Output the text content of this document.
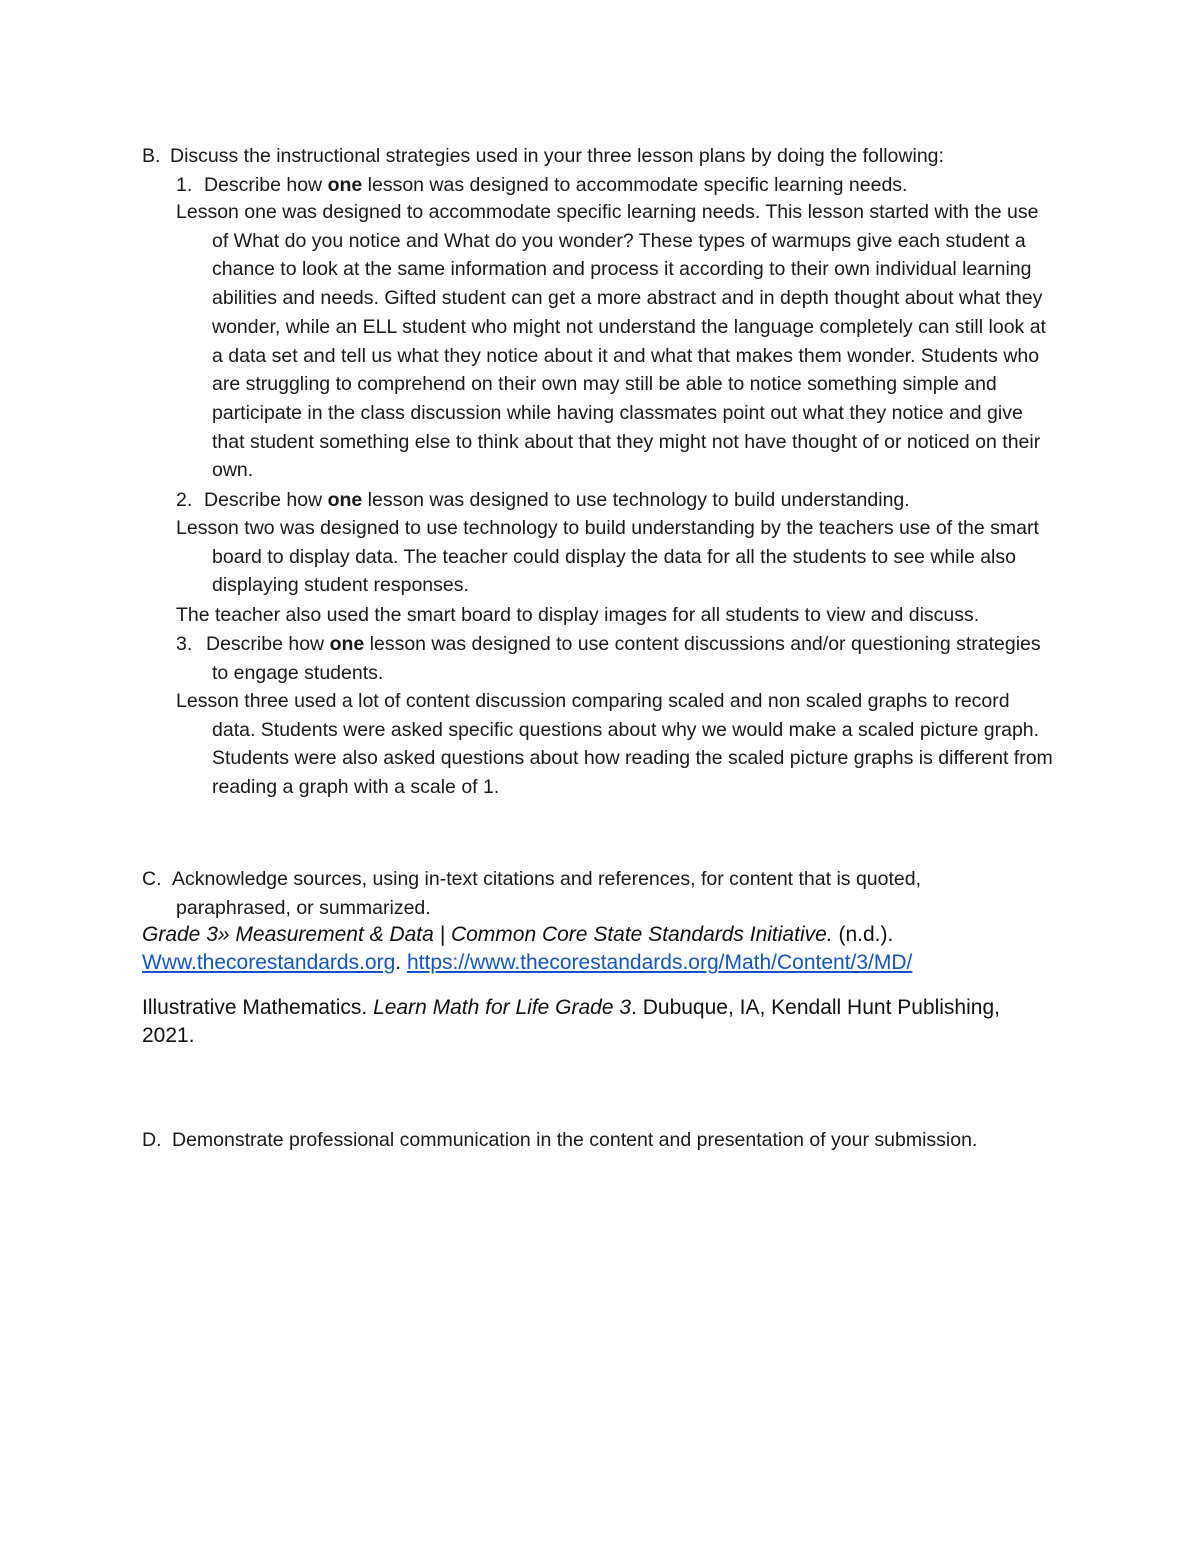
B. Discuss the instructional strategies used in your three lesson plans by doing the following:
1. Describe how one lesson was designed to accommodate specific learning needs.

Lesson one was designed to accommodate specific learning needs. This lesson started with the use of What do you notice and What do you wonder? These types of warmups give each student a chance to look at the same information and process it according to their own individual learning abilities and needs. Gifted student can get a more abstract and in depth thought about what they wonder, while an ELL student who might not understand the language completely can still look at a data set and tell us what they notice about it and what that makes them wonder. Students who are struggling to comprehend on their own may still be able to notice something simple and participate in the class discussion while having classmates point out what they notice and give that student something else to think about that they might not have thought of or noticed on their own.

2. Describe how one lesson was designed to use technology to build understanding.

Lesson two was designed to use technology to build understanding by the teachers use of the smart board to display data. The teacher could display the data for all the students to see while also displaying student responses.

The teacher also used the smart board to display images for all students to view and discuss.

3. Describe how one lesson was designed to use content discussions and/or questioning strategies to engage students.

Lesson three used a lot of content discussion comparing scaled and non scaled graphs to record data. Students were asked specific questions about why we would make a scaled picture graph. Students were also asked questions about how reading the scaled picture graphs is different from reading a graph with a scale of 1.

C. Acknowledge sources, using in-text citations and references, for content that is quoted, paraphrased, or summarized.

Grade 3» Measurement & Data | Common Core State Standards Initiative. (n.d.).
Www.thecorestandards.org. https://www.thecorestandards.org/Math/Content/3/MD/
Illustrative Mathematics. Learn Math for Life Grade 3. Dubuque, IA, Kendall Hunt Publishing, 2021.
D. Demonstrate professional communication in the content and presentation of your submission.
